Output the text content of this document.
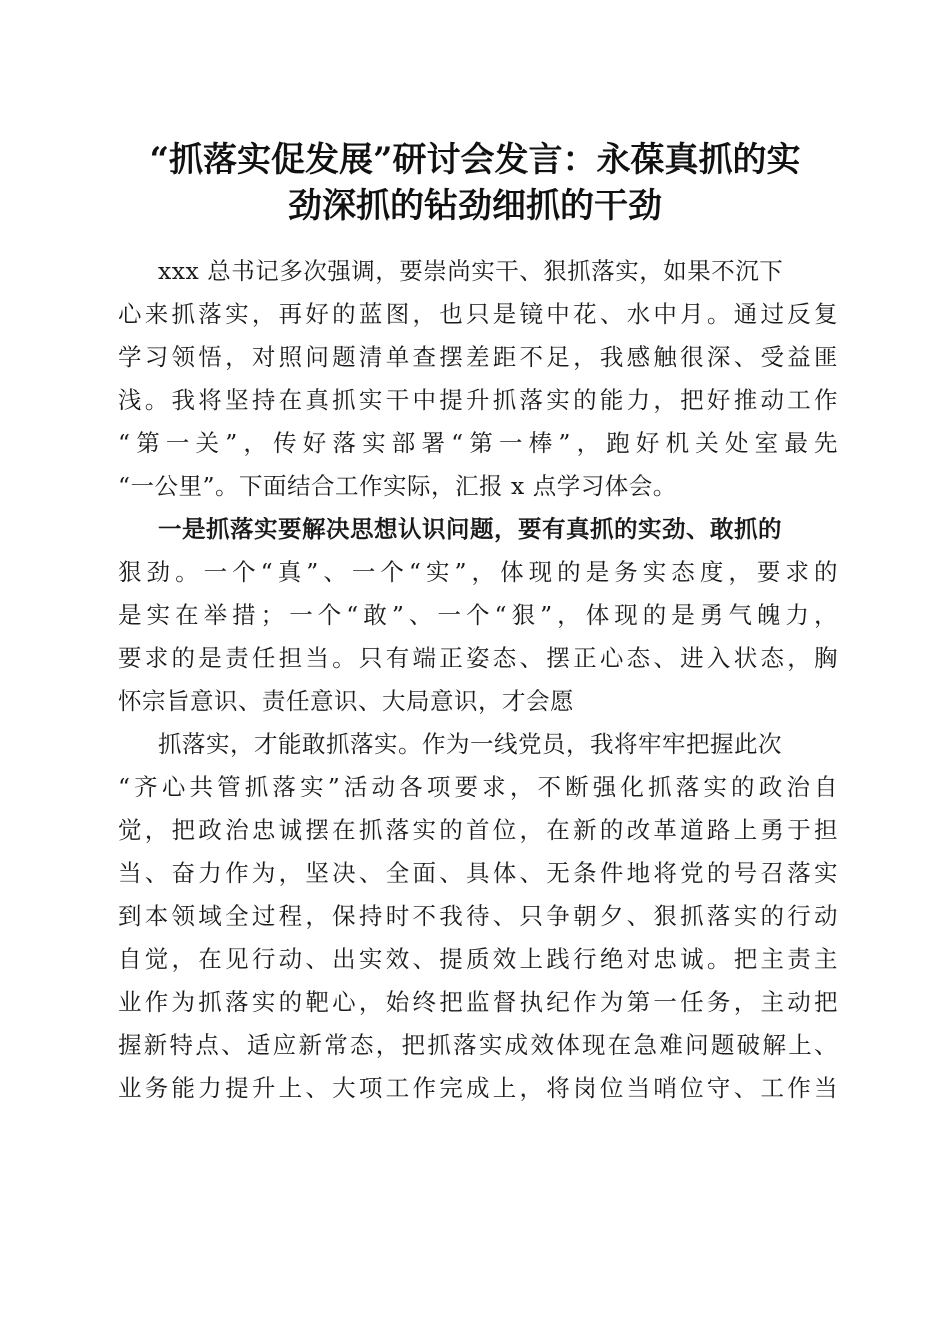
“抓落实促发展”研讨会发言：永葆真抓的实
劲深抓的钻劲细抓的干劲
xxx 总书记多次强调，要崇尚实干、狠抓落实，如果不沉下
心来抓落实，再好的蓝图，也只是镜中花、水中月。通过反复
学习领悟，对照问题清单查摆差距不足，我感触很深、受益匪
浅。我将坚持在真抓实干中提升抓落实的能力，把好推动工作
“第一关”，传好落实部署“第一棒”，跑好机关处室最先
“一公里”。下面结合工作实际，汇报 x 点学习体会。
一是抓落实要解决思想认识问题，要有真抓的实劲、敢抓的
狠劲。一个“真”、一个“实”，体现的是务实态度，要求的
是实在举措；一个“敢”、一个“狠”，体现的是勇气魄力，
要求的是责任担当。只有端正姿态、摆正心态、进入状态，胸
怀宗旨意识、责任意识、大局意识，才会愿
抓落实，才能敢抓落实。作为一线党员，我将牢牢把握此次
“齐心共管抓落实”活动各项要求，不断强化抓落实的政治自
觉，把政治忠诚摆在抓落实的首位，在新的改革道路上勇于担
当、奋力作为，坚决、全面、具体、无条件地将党的号召落实
到本领域全过程，保持时不我待、只争朝夕、狠抓落实的行动
自觉，在见行动、出实效、提质效上践行绝对忠诚。把主责主
业作为抓落实的靶心，始终把监督执纪作为第一任务，主动把
握新特点、适应新常态，把抓落实成效体现在急难问题破解上、
业务能力提升上、大项工作完成上，将岗位当哨位守、工作当
